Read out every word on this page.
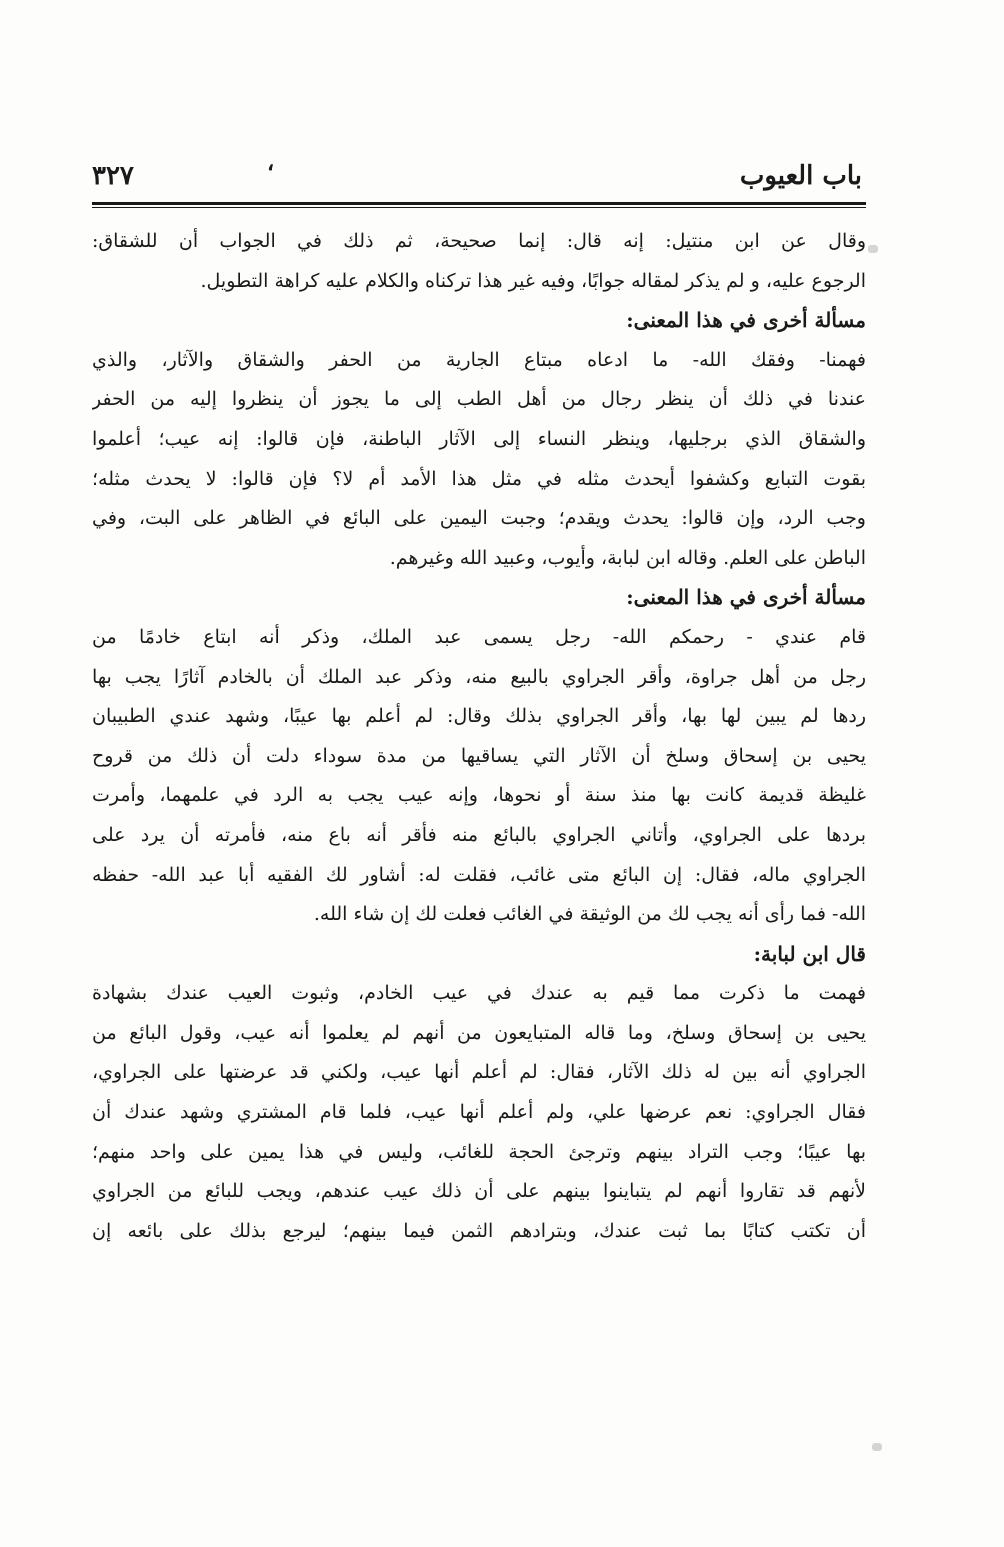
باب العيوب
،
٣٢٧
وقال عن ابن منتيل: إنه قال: إنما صحيحة، ثم ذلك في الجواب أن للشقاق:
الرجوع عليه، و لم يذكر لمقاله جوابًا، وفيه غير هذا تركناه والكلام عليه كراهة التطويل.
مسألة أخرى في هذا المعنى:
فهمنا- وفقك الله- ما ادعاه مبتاع الجارية من الحفر والشقاق والآثار، والذي
عندنا في ذلك أن ينظر رجال من أهل الطب إلى ما يجوز أن ينظروا إليه من الحفر
والشقاق الذي برجليها، وينظر النساء إلى الآثار الباطنة، فإن قالوا: إنه عيب؛ أعلموا
بقوت التبايع وكشفوا أيحدث مثله في مثل هذا الأمد أم لا؟ فإن قالوا: لا يحدث مثله؛
وجب الرد، وإن قالوا: يحدث ويقدم؛ وجبت اليمين على البائع في الظاهر على البت، وفي
الباطن على العلم. وقاله ابن لبابة، وأيوب، وعبيد الله وغيرهم.
مسألة أخرى في هذا المعنى:
قام عندي - رحمكم الله- رجل يسمى عبد الملك، وذكر أنه ابتاع خادمًا من
رجل من أهل جراوة، وأقر الجراوي بالبيع منه، وذكر عبد الملك أن بالخادم آثارًا يجب بها
ردها لم يبين لها بها، وأقر الجراوي بذلك وقال: لم أعلم بها عيبًا، وشهد عندي الطبيبان
يحيى بن إسحاق وسلخ أن الآثار التي يساقيها من مدة سوداء دلت أن ذلك من قروح
غليظة قديمة كانت بها منذ سنة أو نحوها، وإنه عيب يجب به الرد في علمهما، وأمرت
بردها على الجراوي، وأتاني الجراوي بالبائع منه فأقر أنه باع منه، فأمرته أن يرد على
الجراوي ماله، فقال: إن البائع متى غائب، فقلت له: أشاور لك الفقيه أبا عبد الله- حفظه
الله- فما رأى أنه يجب لك من الوثيقة في الغائب فعلت لك إن شاء الله.
قال ابن لبابة:
فهمت ما ذكرت مما قيم به عندك في عيب الخادم، وثبوت العيب عندك بشهادة
يحيى بن إسحاق وسلخ، وما قاله المتبايعون من أنهم لم يعلموا أنه عيب، وقول البائع من
الجراوي أنه بين له ذلك الآثار، فقال: لم أعلم أنها عيب، ولكني قد عرضتها على الجراوي،
فقال الجراوي: نعم عرضها علي، ولم أعلم أنها عيب، فلما قام المشتري وشهد عندك أن
بها عيبًا؛ وجب التراد بينهم وترجئ الحجة للغائب، وليس في هذا يمين على واحد منهم؛
لأنهم قد تقاروا أنهم لم يتباينوا بينهم على أن ذلك عيب عندهم، ويجب للبائع من الجراوي
أن تكتب كتابًا بما ثبت عندك، وبترادهم الثمن فيما بينهم؛ ليرجع بذلك على بائعه إن
